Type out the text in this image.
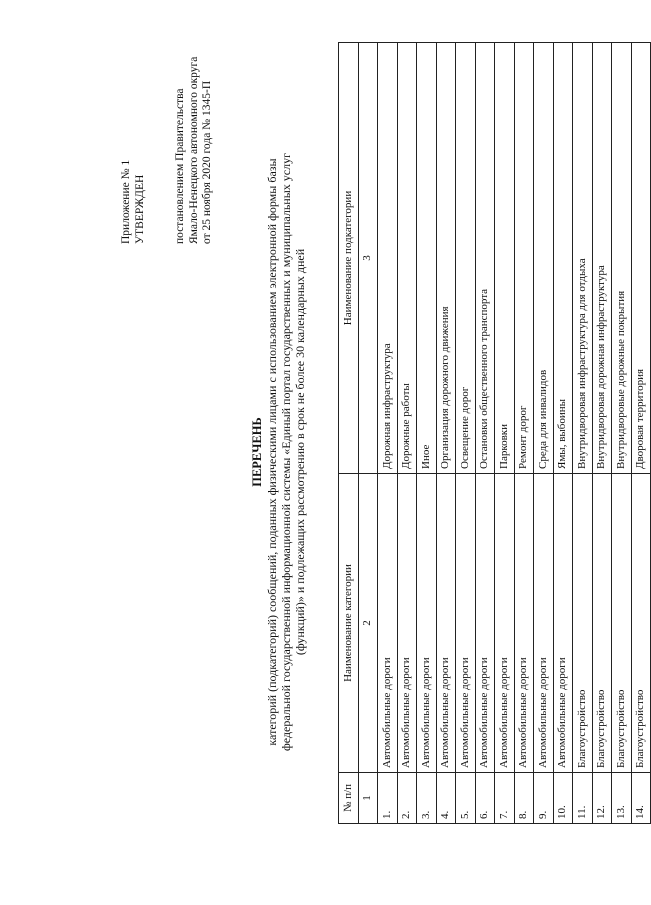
Приложение № 1 УТВЕРЖДЕН постановлением Правительства Ямало-Ненецкого автономного округа от 25 ноября 2020 года № 1345-П
ПЕРЕЧЕНЬ категорий (подкатегорий) сообщений, поданных физическими лицами с использованием электронной формы базы федеральной государственной информационной системы «Единый портал государственных и муниципальных услуг (функций)» и подлежащих рассмотрению в срок не более 30 календарных дней
№ п/п	Наименование категории	Наименование подкатегории
1	2	3
1.	Автомобильные дороги	Дорожная инфраструктура
2.	Автомобильные дороги	Дорожные работы
3.	Автомобильные дороги	Иное
4.	Автомобильные дороги	Организация дорожного движения
5.	Автомобильные дороги	Освещение дорог
6.	Автомобильные дороги	Остановки общественного транспорта
7.	Автомобильные дороги	Парковки
8.	Автомобильные дороги	Ремонт дорог
9.	Автомобильные дороги	Среда для инвалидов
10.	Автомобильные дороги	Ямы, выбоины
11.	Благоустройство	Внутридворовая инфраструктура для отдыха
12.	Благоустройство	Внутридворовая дорожная инфраструктура
13.	Благоустройство	Внутридворовые дорожные покрытия
14.	Благоустройство	Дворовая территория
